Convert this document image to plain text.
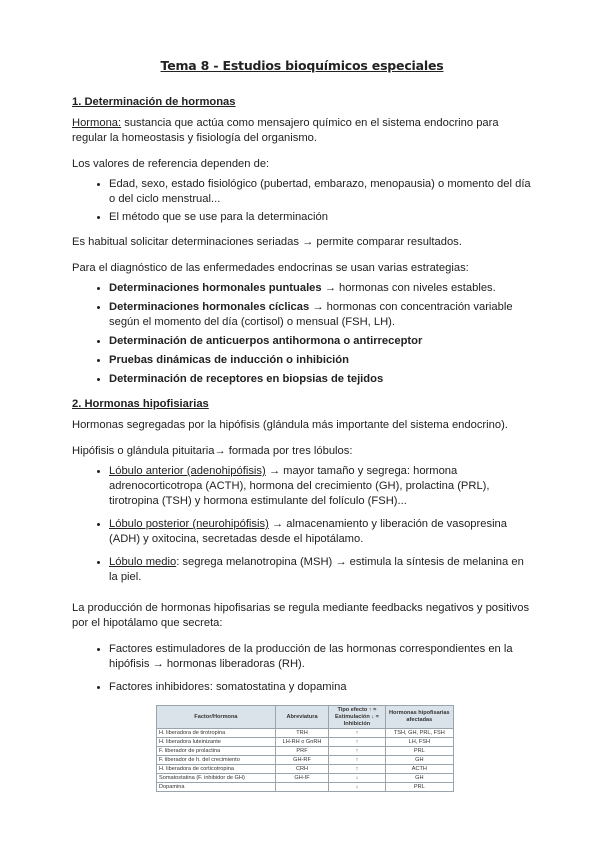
Tema 8 - Estudios bioquímicos especiales
1. Determinación de hormonas

Hormona: sustancia que actúa como mensajero químico en el sistema endocrino para regular la homeostasis y fisiología del organismo.

Los valores de referencia dependen de:

• Edad, sexo, estado fisiológico (pubertad, embarazo, menopausia) o momento del día o del ciclo menstrual...
• El método que se use para la determinación

Es habitual solicitar determinaciones seriadas → permite comparar resultados.

Para el diagnóstico de las enfermedades endocrinas se usan varias estrategias:

• Determinaciones hormonales puntuales → hormonas con niveles estables.
• Determinaciones hormonales cíclicas → hormonas con concentración variable según el momento del día (cortisol) o mensual (FSH, LH).
• Determinación de anticuerpos antihormona o antirreceptor
• Pruebas dinámicas de inducción o inhibición
• Determinación de receptores en biopsias de tejidos
2. Hormonas hipofisiarias

Hormonas segregadas por la hipófisis (glándula más importante del sistema endocrino).

Hipófisis o glándula pituitaria→ formada por tres lóbulos:

• Lóbulo anterior (adenohipófisis) → mayor tamaño y segrega: hormona adrenocorticotropa (ACTH), hormona del crecimiento (GH), prolactina (PRL), tirotropina (TSH) y hormona estimulante del folículo (FSH)...
• Lóbulo posterior (neurohipófisis) → almacenamiento y liberación de vasopresina (ADH) y oxitocina, secretadas desde el hipotálamo.
• Lóbulo medio: segrega melanotropina (MSH) → estimula la síntesis de melanina en la piel.

La producción de hormonas hipofisarias se regula mediante feedbacks negativos y positivos por el hipotálamo que secreta:

• Factores estimuladores de la producción de las hormonas correspondientes en la hipófisis → hormonas liberadoras (RH).
• Factores inhibidores: somatostatina y dopamina
Factor/Hormona	Abreviatura	Tipo efecto ↑ = Estimulación ↓ = Inhibición	Hormonas hipofisarias afectadas
H. liberadora de tirotropina	TRH	↑	TSH, GH, PRL, FSH
H. liberadora luteinizante	LH-RH o GnRH	↑	LH, FSH
F. liberador de prolactina	PRF	↑	PRL
F. liberador de h. del crecimiento	GH-RF	↑	GH
H. liberadora de corticotropina	CRH	↑	ACTH
Somatostatina (F. inhibidor de GH)	GH-IF	↓	GH
Dopamina		↓	PRL
